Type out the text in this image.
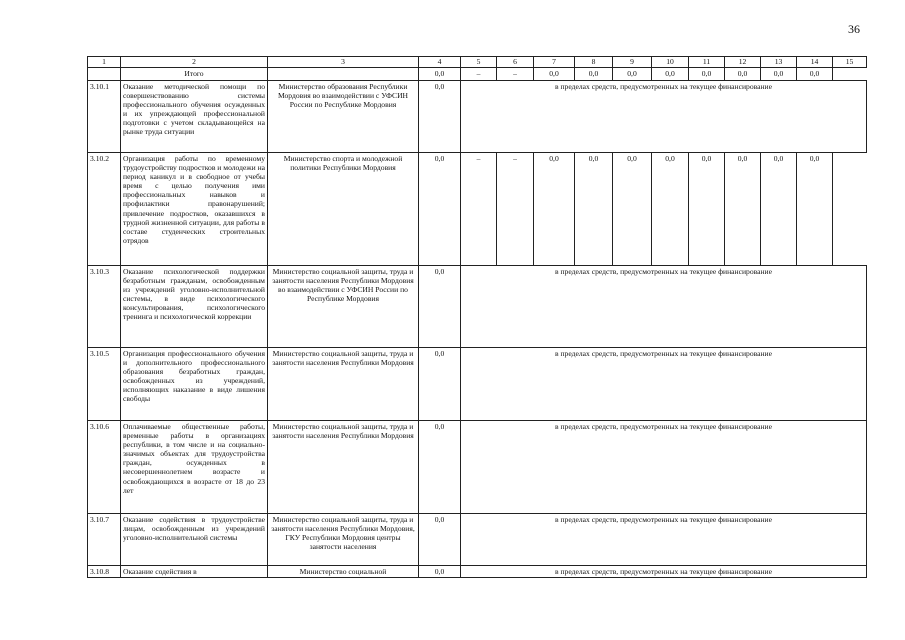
36
1	2	3	4	5	6	7	8	9	10	11	12	13	14	15
	Итого		0,0	–	–	0,0	0,0	0,0	0,0	0,0	0,0	0,0	0,0	
3.10.1	Оказание методической помощи по совершенствованию системы профессионального обучения осужденных и их упреждающей профессиональной подготовки с учетом складывающейся на рынке труда ситуации	Министерство образования Республики Мордовия во взаимодействии с УФСИН России по Республике Мордовия	0,0	в пределах средств, предусмотренных на текущее финансирование										
3.10.2	Организация работы по временному трудоустройству подростков и молодежи на период каникул и в свободное от учебы время с целью получения ими профессиональных навыков и профилактики правонарушений; привлечение подростков, оказавшихся в трудной жизненной ситуации, для работы в составе студенческих строительных отрядов	Министерство спорта и молодежной политики Республики Мордовия	0,0	–	–	0,0	0,0	0,0	0,0	0,0	0,0	0,0	0,0	
3.10.3	Оказание психологической поддержки безработным гражданам, освобожденным из учреждений уголовно-исполнительной системы, в виде психологического консультирования, психологического тренинга и психологической коррекции	Министерство социальной защиты, труда и занятости населения Республики Мордовия во взаимодействии с УФСИН России по Республике Мордовия	0,0	в пределах средств, предусмотренных на текущее финансирование										
3.10.5	Организация профессионального обучения и дополнительного профессионального образования безработных граждан, освобожденных из учреждений, исполняющих наказание в виде лишения свободы	Министерство социальной защиты, труда и занятости населения Республики Мордовия	0,0	в пределах средств, предусмотренных на текущее финансирование										
3.10.6	Оплачиваемые общественные работы, временные работы в организациях республики, в том числе и на социально-значимых объектах для трудоустройства граждан, осужденных в несовершеннолетнем возрасте и освобождающихся в возрасте от 18 до 23 лет	Министерство социальной защиты, труда и занятости населения Республики Мордовия	0,0	в пределах средств, предусмотренных на текущее финансирование										
3.10.7	Оказание содействия в трудоустройстве лицам, освобожденным из учреждений уголовно-исполнительной системы	Министерство социальной защиты, труда и занятости населения Республики Мордовия, ГКУ Республики Мордовия центры занятости населения	0,0	в пределах средств, предусмотренных на текущее финансирование										
3.10.8	Оказание содействия в	Министерство социальной	0,0	в пределах средств, предусмотренных на текущее финансирование										
